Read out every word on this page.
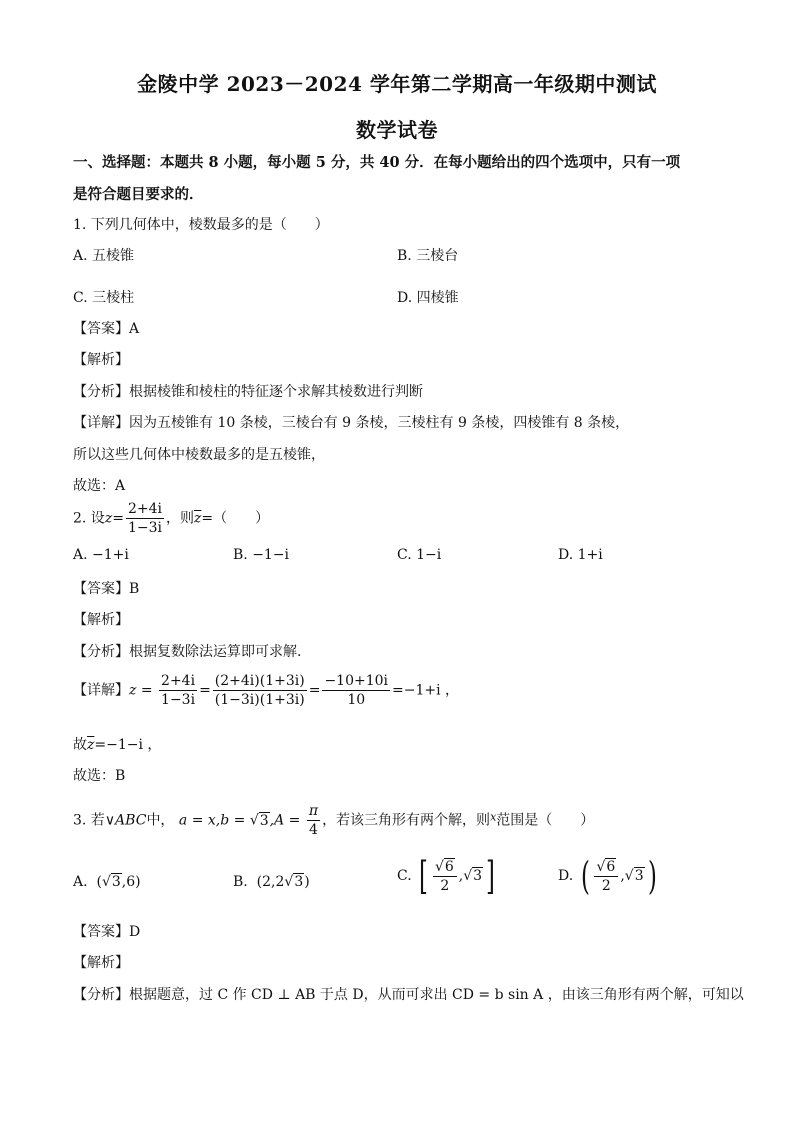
金陵中学 2023－2024 学年第二学期高一年级期中测试
数学试卷
一、选择题：本题共 8 小题，每小题 5 分，共 40 分．在每小题给出的四个选项中，只有一项
是符合题目要求的．
1. 下列几何体中，棱数最多的是（　　）
A. 五棱锥	B. 三棱台
C. 三棱柱	D. 四棱锥
【答案】A
【解析】
【分析】根据棱锥和棱柱的特征逐个求解其棱数进行判断
【详解】因为五棱锥有 10 条棱，三棱台有 9 条棱，三棱柱有 9 条棱，四棱锥有 8 条棱，
所以这些几何体中棱数最多的是五棱锥，
故选：A
2. 设$z= \frac{2+4i}{1-3i}$ ，则$\overline{z}=$（　　）
A. −1+i	B. −1−i	C. 1−i	D. 1+i
【答案】B
【解析】
【分析】根据复数除法运算即可求解.
【详解】$z = \frac{2+4i}{1-3i} = \frac{(2+4i)(1+3i)}{(1-3i)(1+3i)} = \frac{-10+10i}{10} =-1+i$ ，
故$\overline{z}=-1-i$ ，
故选：B
3. 若∨ABC中， $a = x,b = √3,A = \frac{\pi}{4}$ ，若该三角形有两个解，则$^x$范围是（　　）
A. (√3,6)	B. (2,2√3)	C. [ $\frac{√6}{2} ,√3$ ]	D. ( $\frac{√6}{2} ,√3$ )
【答案】D
【解析】
【分析】根据题意，过 C 作 CD ⊥ AB 于点 D，从而可求出 CD = b sin A ，由该三角形有两个解，可知以
